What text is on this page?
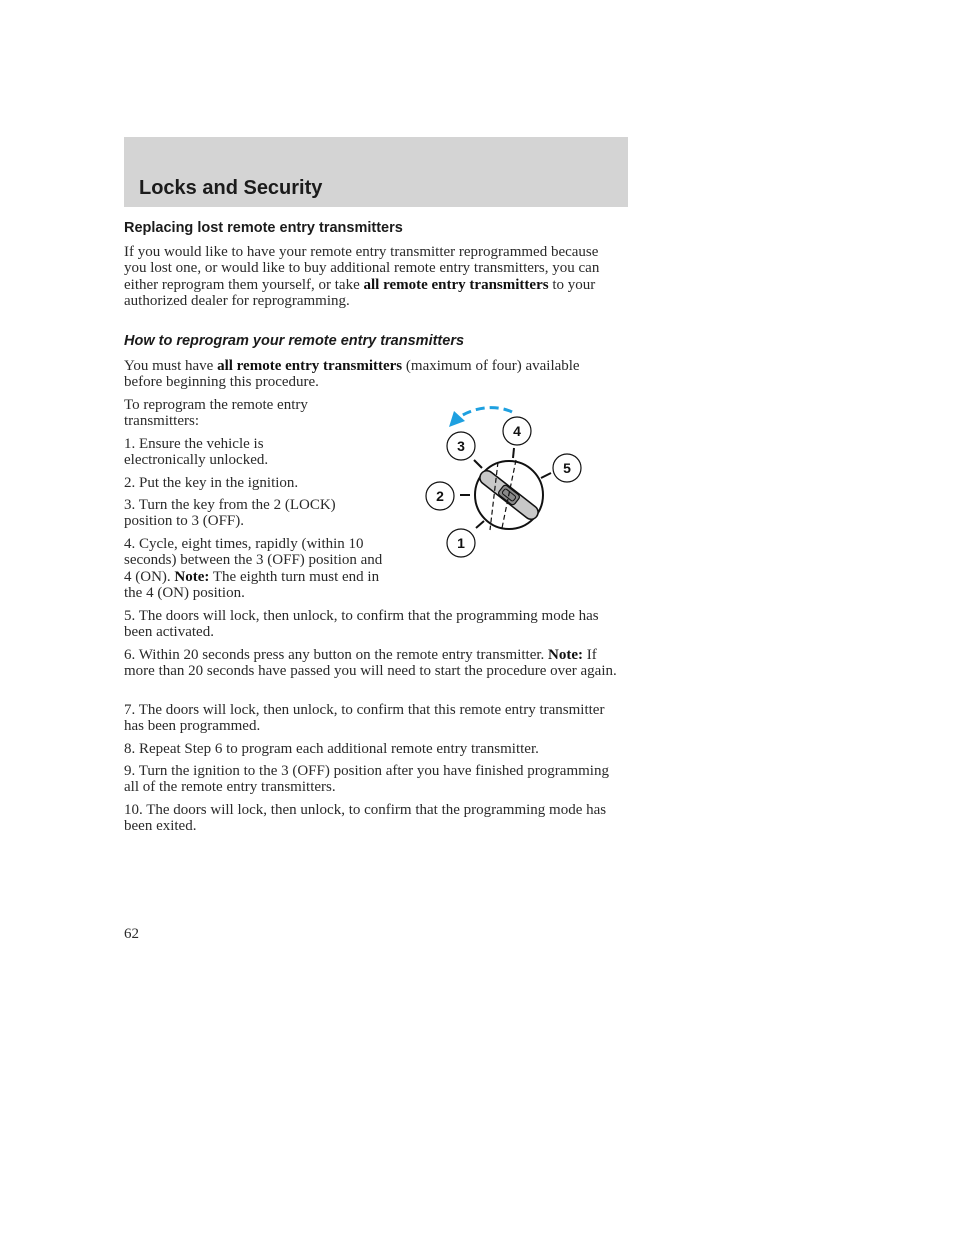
Locks and Security
Replacing lost remote entry transmitters

If you would like to have your remote entry transmitter reprogrammed because you lost one, or would like to buy additional remote entry transmitters, you can either reprogram them yourself, or take all remote entry transmitters to your authorized dealer for reprogramming.

How to reprogram your remote entry transmitters

You must have all remote entry transmitters (maximum of four) available before beginning this procedure.

To reprogram the remote entry transmitters:

1. Ensure the vehicle is electronically unlocked.

2. Put the key in the ignition.

3. Turn the key from the 2 (LOCK) position to 3 (OFF).

4. Cycle, eight times, rapidly (within 10 seconds) between the 3 (OFF) position and 4 (ON). Note: The eighth turn must end in the 4 (ON) position.

5. The doors will lock, then unlock, to confirm that the programming mode has been activated.

6. Within 20 seconds press any button on the remote entry transmitter. Note: If more than 20 seconds have passed you will need to start the procedure over again.

7. The doors will lock, then unlock, to confirm that this remote entry transmitter has been programmed.

8. Repeat Step 6 to program each additional remote entry transmitter.

9. Turn the ignition to the 3 (OFF) position after you have finished programming all of the remote entry transmitters.

10. The doors will lock, then unlock, to confirm that the programming mode has been exited.

1
2
3
4
5

62
